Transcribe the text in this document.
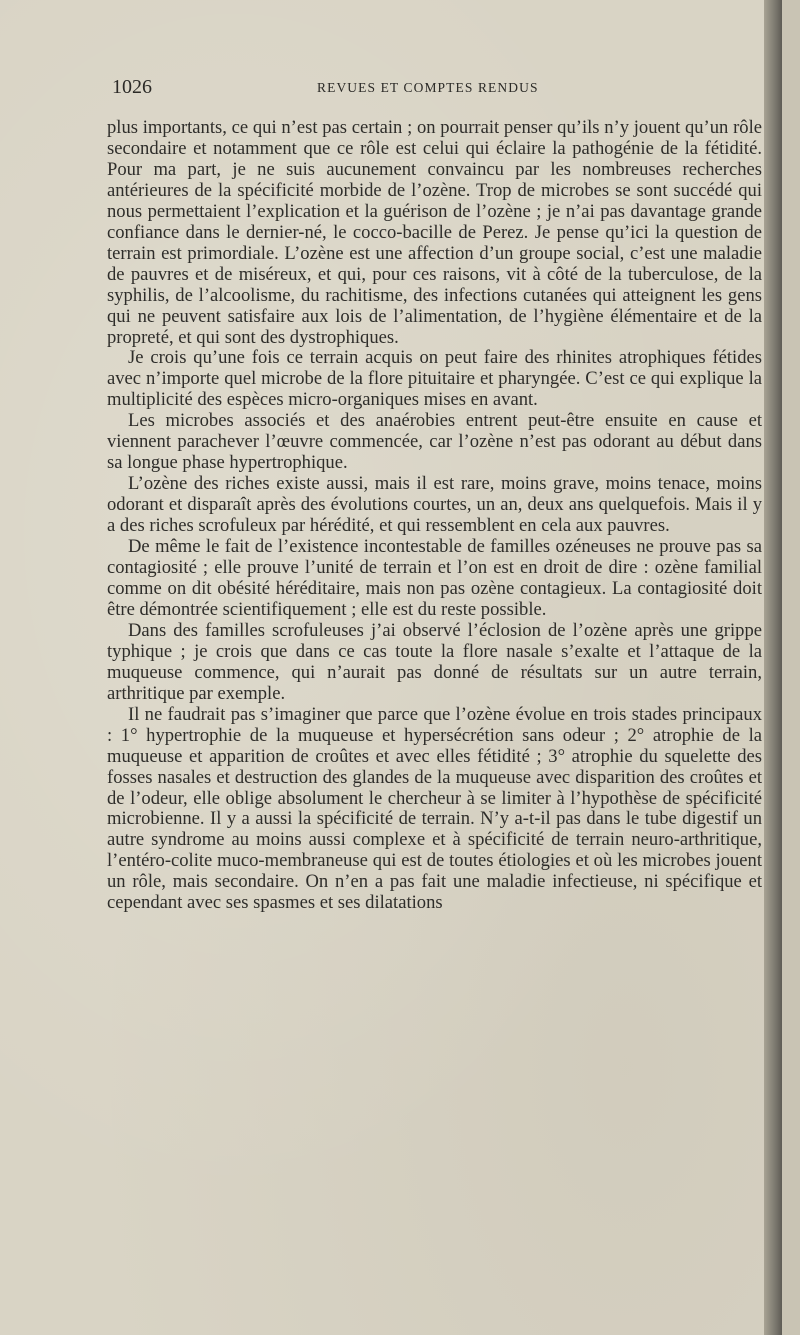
1026	REVUES ET COMPTES RENDUS

plus importants, ce qui n’est pas certain ; on pourrait penser qu’ils n’y jouent qu’un rôle secondaire et notamment que ce rôle est celui qui éclaire la pathogénie de la fétidité. Pour ma part, je ne suis aucunement convaincu par les nombreuses recherches antérieures de la spécificité morbide de l’ozène. Trop de microbes se sont succédé qui nous permettaient l’explication et la guérison de l’ozène ; je n’ai pas davantage grande confiance dans le dernier-né, le cocco-bacille de Perez. Je pense qu’ici la question de terrain est primordiale. L’ozène est une affection d’un groupe social, c’est une maladie de pauvres et de miséreux, et qui, pour ces raisons, vit à côté de la tuberculose, de la syphilis, de l’alcoolisme, du rachitisme, des infections cutanées qui atteignent les gens qui ne peuvent satisfaire aux lois de l’alimentation, de l’hygiène élémentaire et de la propreté, et qui sont des dystrophiques.

Je crois qu’une fois ce terrain acquis on peut faire des rhinites atrophiques fétides avec n’importe quel microbe de la flore pituitaire et pharyngée. C’est ce qui explique la multiplicité des espèces micro-organiques mises en avant.

Les microbes associés et des anaérobies entrent peut-être ensuite en cause et viennent parachever l’œuvre commencée, car l’ozène n’est pas odorant au début dans sa longue phase hypertrophique.

L’ozène des riches existe aussi, mais il est rare, moins grave, moins tenace, moins odorant et disparaît après des évolutions courtes, un an, deux ans quelquefois. Mais il y a des riches scrofuleux par hérédité, et qui ressemblent en cela aux pauvres.

De même le fait de l’existence incontestable de familles ozéneuses ne prouve pas sa contagiosité ; elle prouve l’unité de terrain et l’on est en droit de dire : ozène familial comme on dit obésité héréditaire, mais non pas ozène contagieux. La contagiosité doit être démontrée scientifiquement ; elle est du reste possible.

Dans des familles scrofuleuses j’ai observé l’éclosion de l’ozène après une grippe typhique ; je crois que dans ce cas toute la flore nasale s’exalte et l’attaque de la muqueuse commence, qui n’aurait pas donné de résultats sur un autre terrain, arthritique par exemple.

Il ne faudrait pas s’imaginer que parce que l’ozène évolue en trois stades principaux : 1° hypertrophie de la muqueuse et hypersécrétion sans odeur ; 2° atrophie de la muqueuse et apparition de croûtes et avec elles fétidité ; 3° atrophie du squelette des fosses nasales et destruction des glandes de la muqueuse avec disparition des croûtes et de l’odeur, elle oblige absolument le chercheur à se limiter à l’hypothèse de spécificité microbienne. Il y a aussi la spécificité de terrain. N’y a-t-il pas dans le tube digestif un autre syndrome au moins aussi complexe et à spécificité de terrain neuro-arthritique, l’entéro-colite muco-membraneuse qui est de toutes étiologies et où les microbes jouent un rôle, mais secondaire. On n’en a pas fait une maladie infectieuse, ni spécifique et cependant avec ses spasmes et ses dilatations
